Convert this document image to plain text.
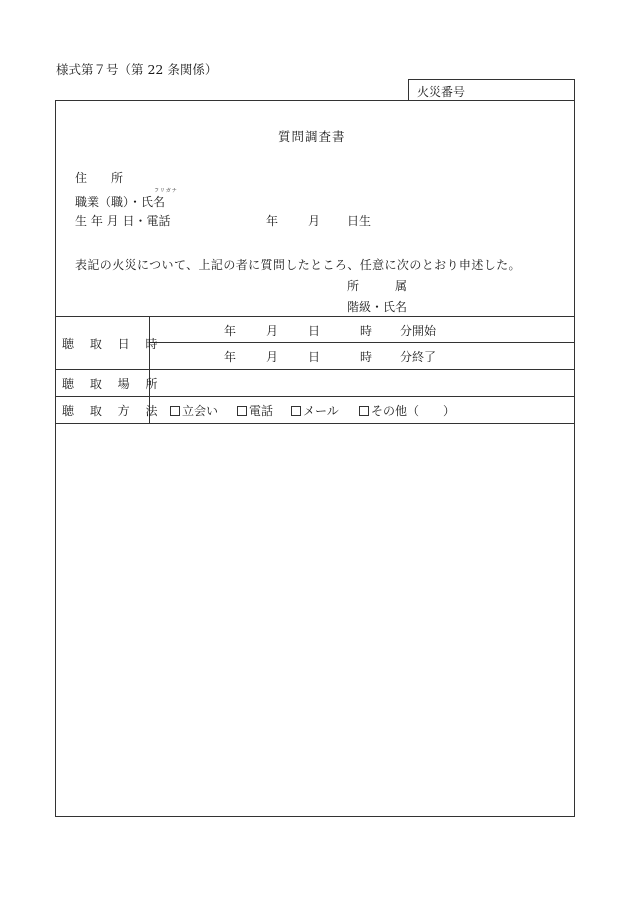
様式第７号（第 22 条関係）
火災番号
質問調査書
住　　所
フリガナ
職業（職）・氏名
生 年 月 日・電話	年 月 日生
表記の火災について、上記の者に質問したところ、任意に次のとおり申述した。
所　　　属
階級・氏名
聴 取 日 時
年 月 日	時 分開始
年 月 日	時 分終了
聴 取 場 所
聴 取 方 法	立会い	電話	メール	その他（　　）
